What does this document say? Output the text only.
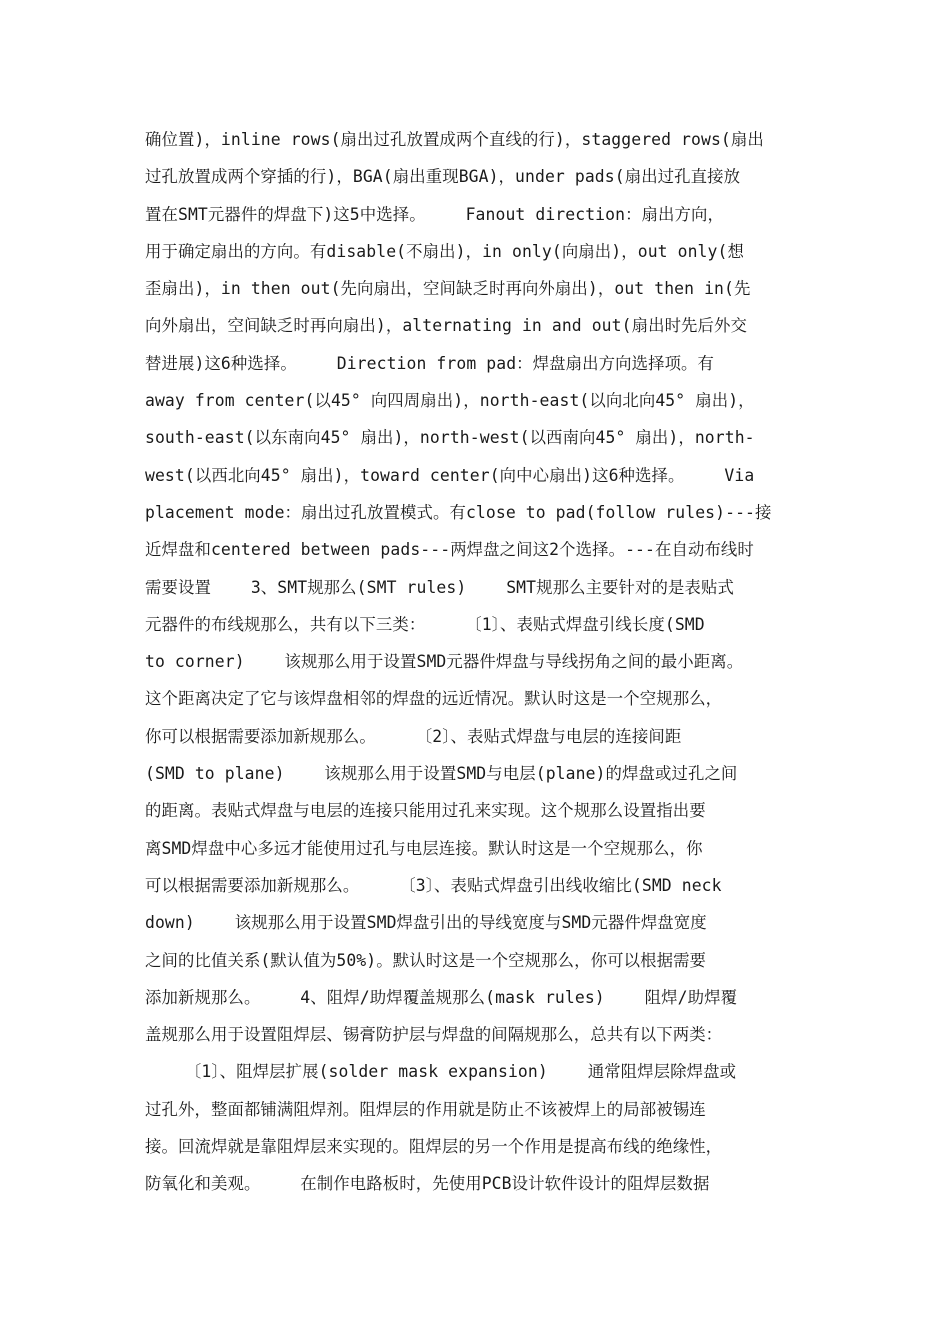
确位置)，inline rows(扇出过孔放置成两个直线的行)，staggered rows(扇出
过孔放置成两个穿插的行)，BGA(扇出重现BGA)，under pads(扇出过孔直接放
置在SMT元器件的焊盘下)这5中选择。    Fanout direction：扇出方向，
用于确定扇出的方向。有disable(不扇出)，in only(向扇出)，out only(想
歪扇出)，in then out(先向扇出，空间缺乏时再向外扇出)，out then in(先
向外扇出，空间缺乏时再向扇出)，alternating in and out(扇出时先后外交
替进展)这6种选择。    Direction from pad：焊盘扇出方向选择项。有
away from center(以45° 向四周扇出)，north-east(以向北向45° 扇出)，
south-east(以东南向45° 扇出)，north-west(以西南向45° 扇出)，north-
west(以西北向45° 扇出)，toward center(向中心扇出)这6种选择。    Via
placement mode：扇出过孔放置模式。有close to pad(follow rules)---接
近焊盘和centered between pads---两焊盘之间这2个选择。---在自动布线时
需要设置    3、SMT规那么(SMT rules)    SMT规那么主要针对的是表贴式
元器件的布线规那么，共有以下三类：    〔1〕、表贴式焊盘引线长度(SMD
to corner)    该规那么用于设置SMD元器件焊盘与导线拐角之间的最小距离。
这个距离决定了它与该焊盘相邻的焊盘的远近情况。默认时这是一个空规那么，
你可以根据需要添加新规那么。    〔2〕、表贴式焊盘与电层的连接间距
(SMD to plane)    该规那么用于设置SMD与电层(plane)的焊盘或过孔之间
的距离。表贴式焊盘与电层的连接只能用过孔来实现。这个规那么设置指出要
离SMD焊盘中心多远才能使用过孔与电层连接。默认时这是一个空规那么，你
可以根据需要添加新规那么。    〔3〕、表贴式焊盘引出线收缩比(SMD neck
down)    该规那么用于设置SMD焊盘引出的导线宽度与SMD元器件焊盘宽度
之间的比值关系(默认值为50%)。默认时这是一个空规那么，你可以根据需要
添加新规那么。    4、阻焊/助焊覆盖规那么(mask rules)    阻焊/助焊覆
盖规那么用于设置阻焊层、锡膏防护层与焊盘的间隔规那么，总共有以下两类：
〔1〕、阻焊层扩展(solder mask expansion)    通常阻焊层除焊盘或
过孔外，整面都铺满阻焊剂。阻焊层的作用就是防止不该被焊上的局部被锡连
接。回流焊就是靠阻焊层来实现的。阻焊层的另一个作用是提高布线的绝缘性，
防氧化和美观。    在制作电路板时，先使用PCB设计软件设计的阻焊层数据
